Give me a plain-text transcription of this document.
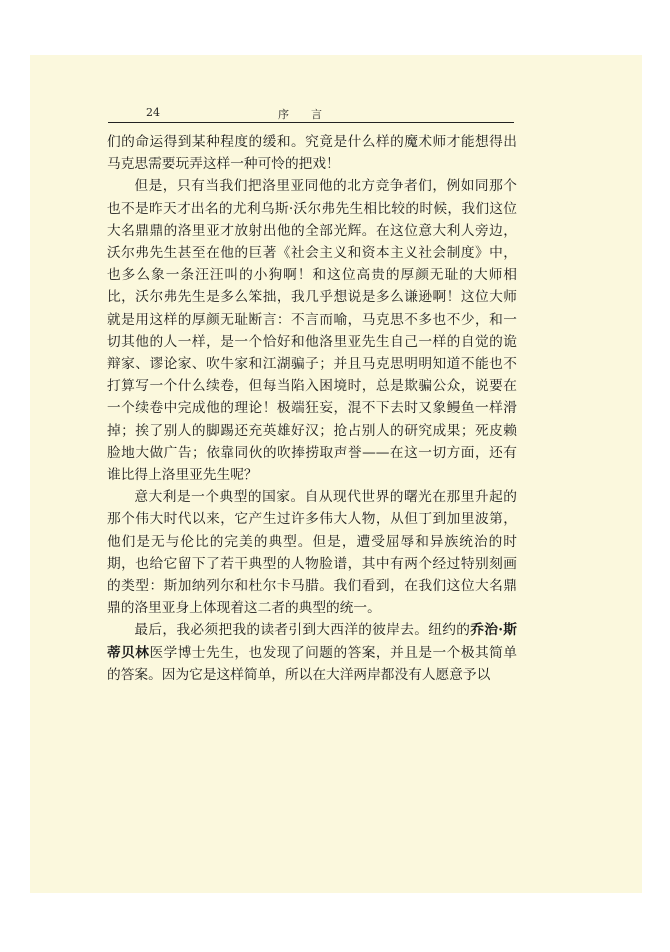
24	序言

们的命运得到某种程度的缓和。究竟是什么样的魔术师才能想得出马克思需要玩弄这样一种可怜的把戏！

但是，只有当我们把洛里亚同他的北方竞争者们，例如同那个也不是昨天才出名的尤利乌斯·沃尔弗先生相比较的时候，我们这位大名鼎鼎的洛里亚才放射出他的全部光辉。在这位意大利人旁边，沃尔弗先生甚至在他的巨著《社会主义和资本主义社会制度》中，也多么象一条汪汪叫的小狗啊！和这位高贵的厚颜无耻的大师相比，沃尔弗先生是多么笨拙，我几乎想说是多么谦逊啊！这位大师就是用这样的厚颜无耻断言：不言而喻，马克思不多也不少，和一切其他的人一样，是一个恰好和他洛里亚先生自己一样的自觉的诡辩家、谬论家、吹牛家和江湖骗子；并且马克思明明知道不能也不打算写一个什么续卷，但每当陷入困境时，总是欺骗公众，说要在一个续卷中完成他的理论！极端狂妄，混不下去时又象鳗鱼一样滑掉；挨了别人的脚踢还充英雄好汉；抢占别人的研究成果；死皮赖脸地大做广告；依靠同伙的吹捧捞取声誉——在这一切方面，还有谁比得上洛里亚先生呢？

意大利是一个典型的国家。自从现代世界的曙光在那里升起的那个伟大时代以来，它产生过许多伟大人物，从但丁到加里波第，他们是无与伦比的完美的典型。但是，遭受屈辱和异族统治的时期，也给它留下了若干典型的人物脸谱，其中有两个经过特别刻画的类型：斯加纳列尔和杜尔卡马腊。我们看到，在我们这位大名鼎鼎的洛里亚身上体现着这二者的典型的统一。

最后，我必须把我的读者引到大西洋的彼岸去。纽约的乔治·斯蒂贝林医学博士先生，也发现了问题的答案，并且是一个极其简单的答案。因为它是这样简单，所以在大洋两岸都没有人愿意予以
